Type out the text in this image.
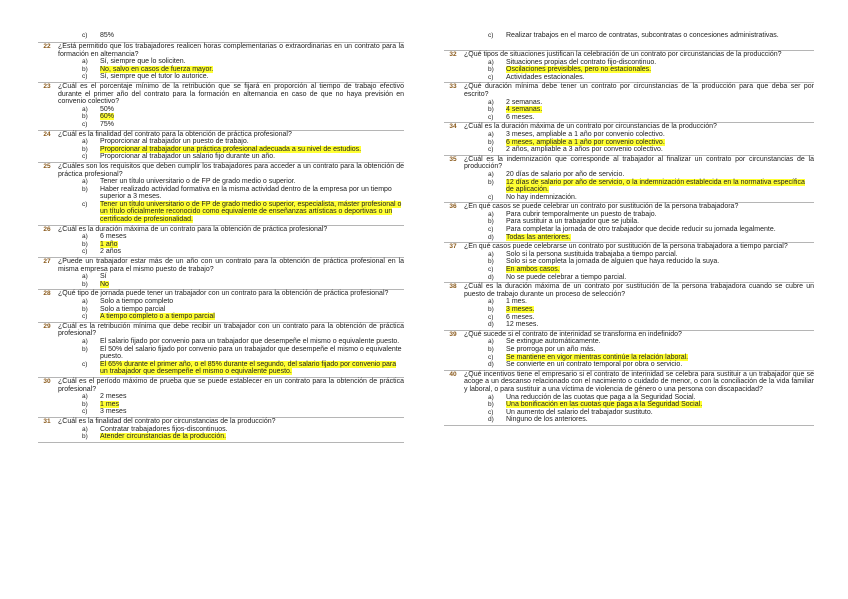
c) 85%
22	¿Está permitido que los trabajadores realicen horas complementarias o extraordinarias en un contrato para la formación en alternancia?
a) Sí, siempre que lo soliciten.
b) No, salvo en casos de fuerza mayor.
c) Sí, siempre que el tutor lo autorice.
23	¿Cuál es el porcentaje mínimo de la retribución que se fijará en proporción al tiempo de trabajo efectivo durante el primer año del contrato para la formación en alternancia en caso de que no haya previsión en convenio colectivo?
a) 50%
b) 60%
c) 75%
24	¿Cuál es la finalidad del contrato para la obtención de práctica profesional?
a) Proporcionar al trabajador un puesto de trabajo.
b) Proporcionar al trabajador una práctica profesional adecuada a su nivel de estudios.
c) Proporcionar al trabajador un salario fijo durante un año.
25	¿Cuáles son los requisitos que deben cumplir los trabajadores para acceder a un contrato para la obtención de práctica profesional?
a) Tener un título universitario o de FP de grado medio o superior.
b) Haber realizado actividad formativa en la misma actividad dentro de la empresa por un tiempo superior a 3 meses.
c) Tener un título universitario o de FP de grado medio o superior, especialista, máster profesional o un título oficialmente reconocido como equivalente de enseñanzas artísticas o deportivas o un certificado de profesionalidad.
26	¿Cuál es la duración máxima de un contrato para la obtención de práctica profesional?
a) 6 meses
b) 1 año
c) 2 años
27	¿Puede un trabajador estar más de un año con un contrato para la obtención de práctica profesional en la misma empresa para el mismo puesto de trabajo?
a) Sí
b) No
28	¿Qué tipo de jornada puede tener un trabajador con un contrato para la obtención de práctica profesional?
a) Solo a tiempo completo
b) Solo a tiempo parcial
c) A tiempo completo o a tiempo parcial
29	¿Cuál es la retribución mínima que debe recibir un trabajador con un contrato para la obtención de práctica profesional?
a) El salario fijado por convenio para un trabajador que desempeñe el mismo o equivalente puesto.
b) El 50% del salario fijado por convenio para un trabajador que desempeñe el mismo o equivalente puesto.
c) El 65% durante el primer año, o el 85% durante el segundo, del salario fijado por convenio para un trabajador que desempeñe el mismo o equivalente puesto.
30	¿Cuál es el período máximo de prueba que se puede establecer en un contrato para la obtención de práctica profesional?
a) 2 meses
b) 1 mes
c) 3 meses
31	¿Cuál es la finalidad del contrato por circunstancias de la producción?
a) Contratar trabajadores fijos-discontinuos.
b) Atender circunstancias de la producción.
c) Realizar trabajos en el marco de contratas, subcontratas o concesiones administrativas.
32	¿Qué tipos de situaciones justifican la celebración de un contrato por circunstancias de la producción?
a) Situaciones propias del contrato fijo-discontinuo.
b) Oscilaciones previsibles, pero no estacionales.
c) Actividades estacionales.
33	¿Qué duración mínima debe tener un contrato por circunstancias de la producción para que deba ser por escrito?
a) 2 semanas.
b) 4 semanas.
c) 6 meses.
34	¿Cuál es la duración máxima de un contrato por circunstancias de la producción?
a) 3 meses, ampliable a 1 año por convenio colectivo.
b) 6 meses, ampliable a 1 año por convenio colectivo.
c) 2 años, ampliable a 3 años por convenio colectivo.
35	¿Cuál es la indemnización que corresponde al trabajador al finalizar un contrato por circunstancias de la producción?
a) 20 días de salario por año de servicio.
b) 12 días de salario por año de servicio, o la indemnización establecida en la normativa específica de aplicación.
c) No hay indemnización.
36	¿En qué casos se puede celebrar un contrato por sustitución de la persona trabajadora?
a) Para cubrir temporalmente un puesto de trabajo.
b) Para sustituir a un trabajador que se jubila.
c) Para completar la jornada de otro trabajador que decide reducir su jornada legalmente.
d) Todas las anteriores.
37	¿En qué casos puede celebrarse un contrato por sustitución de la persona trabajadora a tiempo parcial?
a) Solo si la persona sustituida trabajaba a tiempo parcial.
b) Solo si se completa la jornada de alguien que haya reducido la suya.
c) En ambos casos.
d) No se puede celebrar a tiempo parcial.
38	¿Cuál es la duración máxima de un contrato por sustitución de la persona trabajadora cuando se cubre un puesto de trabajo durante un proceso de selección?
a) 1 mes.
b) 3 meses.
c) 6 meses.
d) 12 meses.
39	¿Qué sucede si el contrato de interinidad se transforma en indefinido?
a) Se extingue automáticamente.
b) Se prorroga por un año más.
c) Se mantiene en vigor mientras continúe la relación laboral.
d) Se convierte en un contrato temporal por obra o servicio.
40	¿Qué incentivos tiene el empresario si el contrato de interinidad se celebra para sustituir a un trabajador que se acoge a un descanso relacionado con el nacimiento o cuidado de menor, o con la conciliación de la vida familiar y laboral, o para sustituir a una víctima de violencia de género o una persona con discapacidad?
a) Una reducción de las cuotas que paga a la Seguridad Social.
b) Una bonificación en las cuotas que paga a la Seguridad Social.
c) Un aumento del salario del trabajador sustituto.
d) Ninguno de los anteriores.
